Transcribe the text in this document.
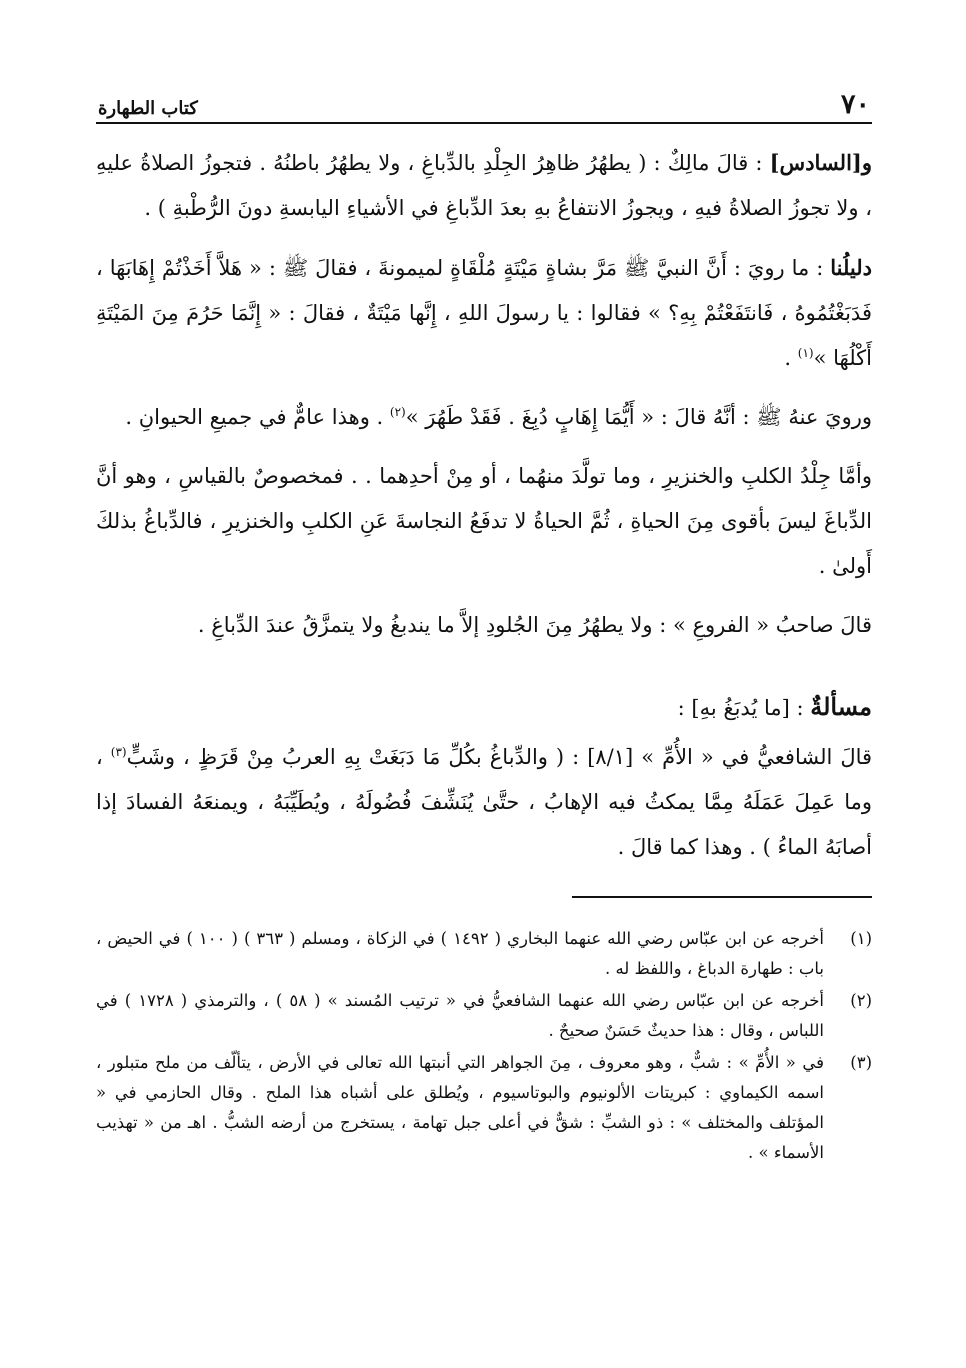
٧٠
كتاب الطهارة

و[السادس] : قالَ مالِكٌ : ( يطهُرُ ظاهِرُ الجِلْدِ بالدِّباغِ ، ولا يطهُرُ باطنُهُ . فتجوزُ الصلاةُ عليهِ ، ولا تجوزُ الصلاةُ فيهِ ، ويجوزُ الانتفاعُ بهِ بعدَ الدِّباغِ في الأشياءِ اليابسةِ دونَ الرُّطْبةِ ) .

دليلُنا : ما رويَ : أَنَّ النبيَّ ﷺ مَرَّ بشاةٍ مَيْتَةٍ مُلْقَاةٍ لميمونةَ ، فقالَ ﷺ : « هَلاَّ أَخَذْتُمْ إِهَابَهَا ، فَدَبَغْتُمُوهُ ، فَانتَفَعْتُمْ بِهِ؟ » فقالوا : يا رسولَ اللهِ ، إِنَّها مَيْتَةٌ ، فقالَ : « إِنَّمَا حَرُمَ مِنَ المَيْتَةِ أَكْلُهَا »$^{(١)}$ .

ورويَ عنهُ ﷺ : أنَّهُ قالَ : « أَيُّمَا إِهَابٍ دُبِغَ . فَقَدْ طَهُرَ »$^{(٢)}$ . وهذا عامٌّ في جميعِ الحيوانِ .

وأمَّا جِلْدُ الكلبِ والخنزيرِ ، وما تولَّدَ منهُما ، أو مِنْ أحدِهما . . فمخصوصٌ بالقياسِ ، وهو أنَّ الدِّباغَ ليسَ بأقوى مِنَ الحياةِ ، ثُمَّ الحياةُ لا تدفَعُ النجاسةَ عَنِ الكلبِ والخنزيرِ ، فالدِّباغُ بذلكَ أَولىٰ .

قالَ صاحبُ « الفروعِ » : ولا يطهُرُ مِنَ الجُلودِ إلاَّ ما يندبغُ ولا يتمزَّقُ عندَ الدِّباغِ .

مسألةٌ : [ما يُدبَغُ بهِ] :

قالَ الشافعيُّ في « الأُمِّ » [٨/١] : ( والدِّباغُ بكُلِّ مَا دَبَغَتْ بِهِ العربُ مِنْ قَرَظٍ ، وشَبٍّ$^{(٣)}$ ، وما عَمِلَ عَمَلَهُ مِمَّا يمكثُ فيه الإهابُ ، حتَّىٰ يُنَشِّفَ فُضُولَهُ ، ويُطَيِّبَهُ ، ويمنعَهُ الفسادَ إذا أصابَهُ الماءُ ) . وهذا كما قالَ .

(١)
أخرجه عن ابن عبّاس رضي الله عنهما البخاري ( ١٤٩٢ ) في الزكاة ، ومسلم ( ٣٦٣ ) ( ١٠٠ ) في الحيض ، باب : طهارة الدباغ ، واللفظ له .
(٢)
أخرجه عن ابن عبّاس رضي الله عنهما الشافعيُّ في « ترتيب المُسند » ( ٥٨ ) ، والترمذي ( ١٧٢٨ ) في اللباس ، وقال : هذا حديثٌ حَسَنٌ صحيحٌ .
(٣)
في « الأُمِّ » : شبٌّ ، وهو معروف ، مِنَ الجواهر التي أنبتها الله تعالى في الأرض ، يتألّف من ملح متبلور ، اسمه الكيماوي : كبريتات الألونيوم والبوتاسيوم ، ويُطلق على أشباه هذا الملح . وقال الحازمي في « المؤتلف والمختلف » : ذو الشبِّ : شقٌّ في أعلى جبل تهامة ، يستخرج من أرضه الشبُّ . اهـ من « تهذيب الأسماء » .
